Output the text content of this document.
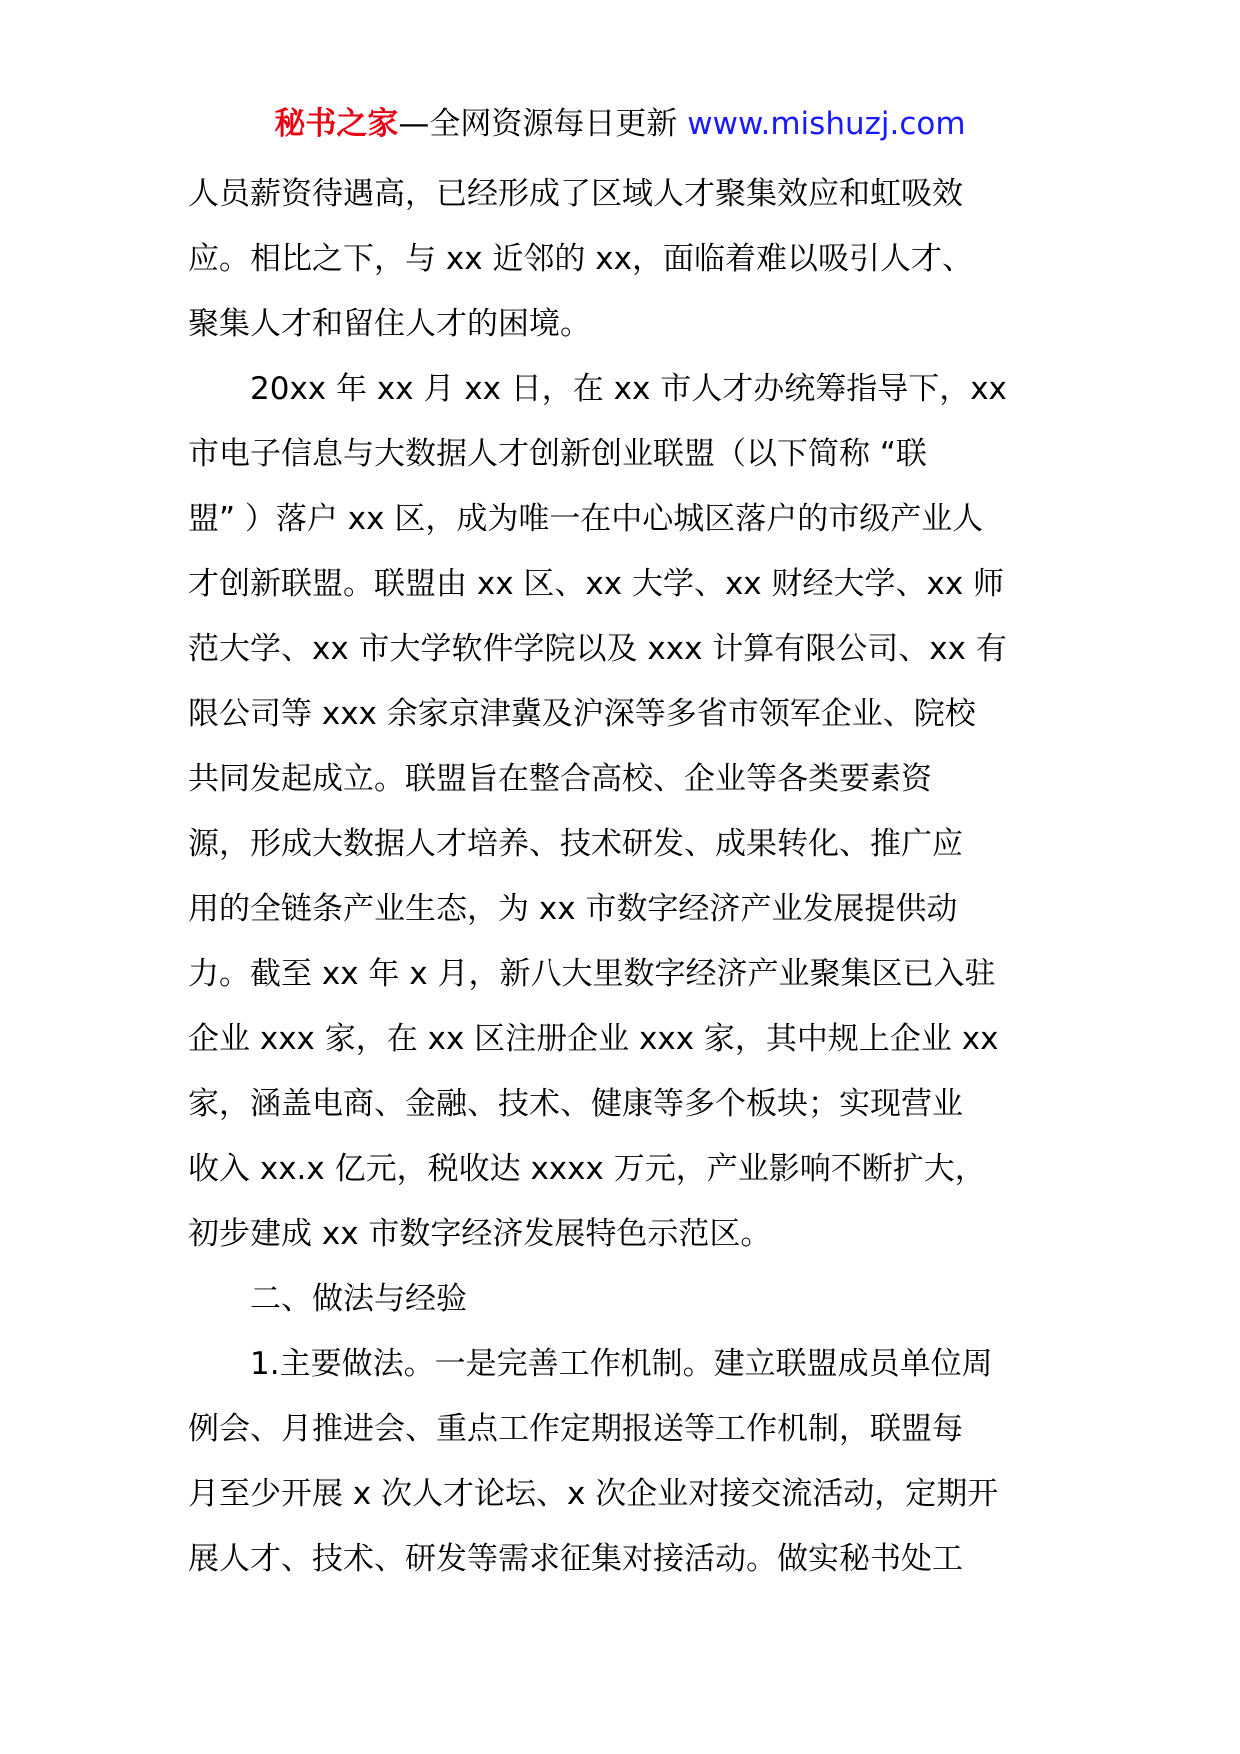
秘书之家—全网资源每日更新 www.mishuzj.com
人员薪资待遇高，已经形成了区域人才聚集效应和虹吸效
应。相比之下，与 xx 近邻的 xx，面临着难以吸引人才、
聚集人才和留住人才的困境。
　　20xx 年 xx 月 xx 日，在 xx 市人才办统筹指导下，xx
市电子信息与大数据人才创新创业联盟（以下简称 “联
盟” ）落户 xx 区，成为唯一在中心城区落户的市级产业人
才创新联盟。联盟由 xx 区、xx 大学、xx 财经大学、xx 师
范大学、xx 市大学软件学院以及 xxx 计算有限公司、xx 有
限公司等 xxx 余家京津冀及沪深等多省市领军企业、院校
共同发起成立。联盟旨在整合高校、企业等各类要素资
源，形成大数据人才培养、技术研发、成果转化、推广应
用的全链条产业生态，为 xx 市数字经济产业发展提供动
力。截至 xx 年 x 月，新八大里数字经济产业聚集区已入驻
企业 xxx 家，在 xx 区注册企业 xxx 家，其中规上企业 xx
家，涵盖电商、金融、技术、健康等多个板块；实现营业
收入 xx.x 亿元，税收达 xxxx 万元，产业影响不断扩大，
初步建成 xx 市数字经济发展特色示范区。
　　二、做法与经验
　　1.主要做法。一是完善工作机制。建立联盟成员单位周
例会、月推进会、重点工作定期报送等工作机制，联盟每
月至少开展 x 次人才论坛、x 次企业对接交流活动，定期开
展人才、技术、研发等需求征集对接活动。做实秘书处工
